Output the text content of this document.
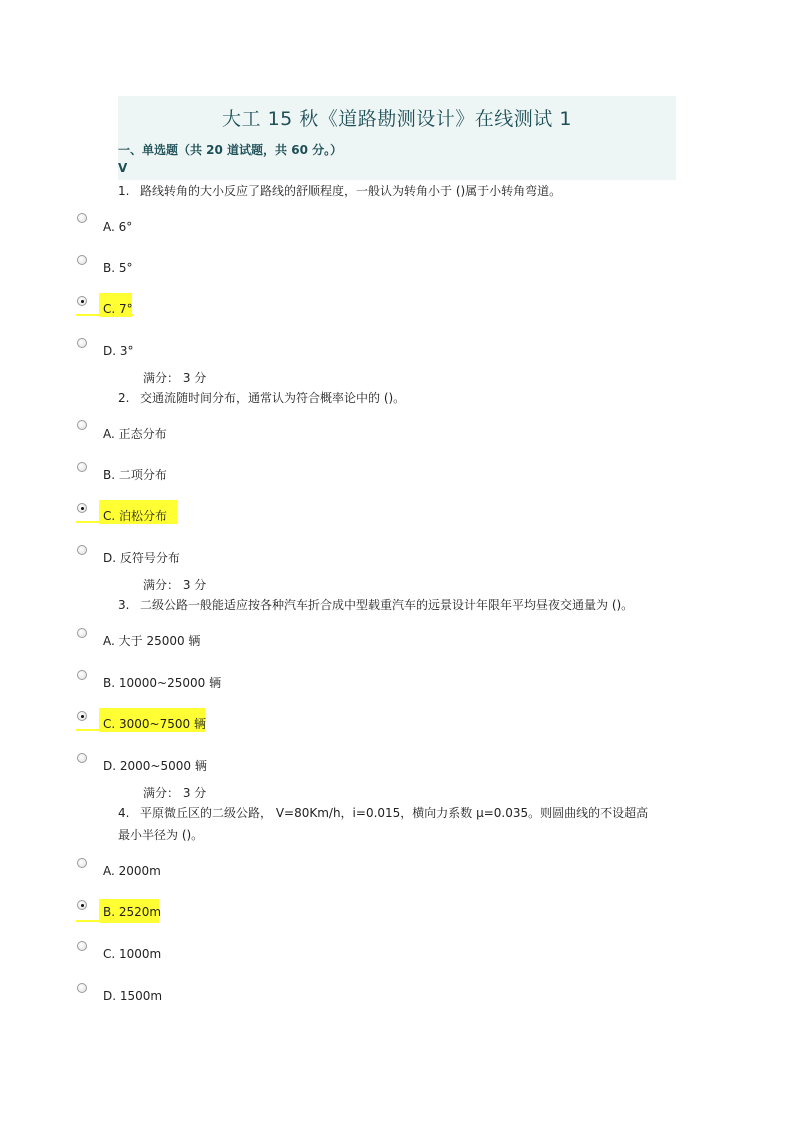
大工 15 秋《道路勘测设计》在线测试 1
一、单选题（共 20 道试题，共 60 分。）
V
1. 路线转角的大小反应了路线的舒顺程度，一般认为转角小于 ()属于小转角弯道。
A. 6°
B. 5°
C. 7°
D. 3°
满分： 3 分
2. 交通流随时间分布，通常认为符合概率论中的 ()。
A. 正态分布
B. 二项分布
C. 泊松分布
D. 反符号分布
满分： 3 分
3. 二级公路一般能适应按各种汽车折合成中型载重汽车的远景设计年限年平均昼夜交通量为 ()。
A. 大于 25000 辆
B. 10000~25000 辆
C. 3000~7500 辆
D. 2000~5000 辆
满分： 3 分
4. 平原微丘区的二级公路， V=80Km/h，i=0.015，横向力系数 μ=0.035。则圆曲线的不设超高
最小半径为 ()。
A. 2000m
B. 2520m
C. 1000m
D. 1500m
